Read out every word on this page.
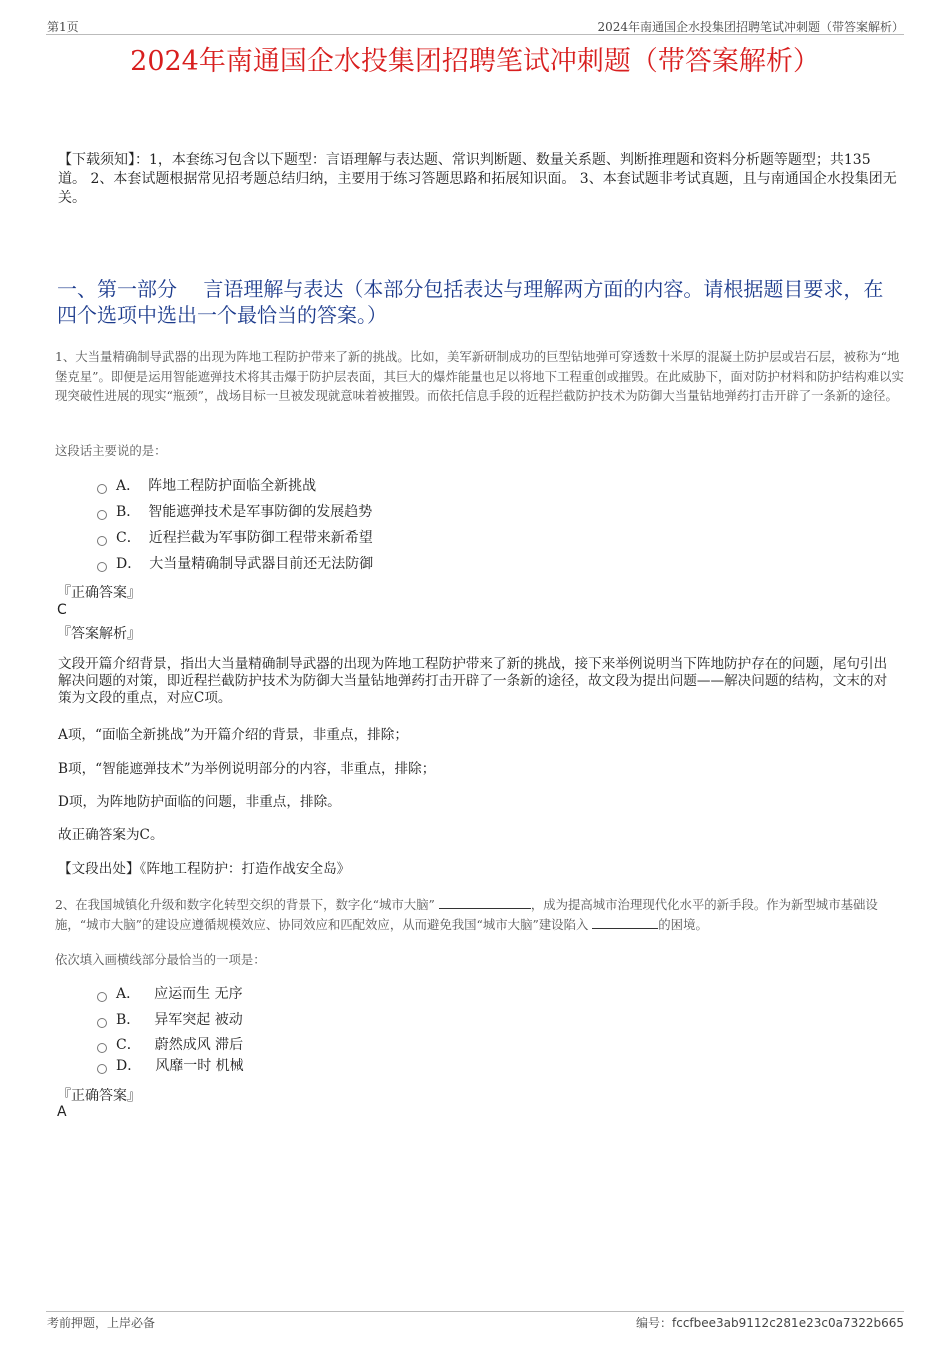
第1页	2024年南通国企水投集团招聘笔试冲刺题（带答案解析）
2024年南通国企水投集团招聘笔试冲刺题（带答案解析）
【下载须知】：1，本套练习包含以下题型：言语理解与表达题、常识判断题、数量关系题、判断推理题和资料分析题等题型；共135道。 2、本套试题根据常见招考题总结归纳，主要用于练习答题思路和拓展知识面。 3、本套试题非考试真题，且与南通国企水投集团无关。
一、第一部分　 言语理解与表达（本部分包括表达与理解两方面的内容。请根据题目要求，在四个选项中选出一个最恰当的答案。）
1、大当量精确制导武器的出现为阵地工程防护带来了新的挑战。比如，美军新研制成功的巨型钻地弹可穿透数十米厚的混凝土防护层或岩石层，被称为“地堡克星”。即便是运用智能遮弹技术将其击爆于防护层表面，其巨大的爆炸能量也足以将地下工程重创或摧毁。在此威胁下，面对防护材料和防护结构难以实现突破性进展的现实“瓶颈”，战场目标一旦被发现就意味着被摧毁。而依托信息手段的近程拦截防护技术为防御大当量钻地弹药打击开辟了一条新的途径。
这段话主要说的是：
A． 阵地工程防护面临全新挑战
B． 智能遮弹技术是军事防御的发展趋势
C． 近程拦截为军事防御工程带来新希望
D． 大当量精确制导武器目前还无法防御
『正确答案』
C
『答案解析』
文段开篇介绍背景，指出大当量精确制导武器的出现为阵地工程防护带来了新的挑战，接下来举例说明当下阵地防护存在的问题，尾句引出解决问题的对策，即近程拦截防护技术为防御大当量钻地弹药打击开辟了一条新的途径，故文段为提出问题——解决问题的结构，文末的对策为文段的重点，对应C项。
A项，“面临全新挑战”为开篇介绍的背景，非重点，排除；
B项，“智能遮弹技术”为举例说明部分的内容，非重点，排除；
D项，为阵地防护面临的问题，非重点，排除。
故正确答案为C。
【文段出处】《阵地工程防护：打造作战安全岛》
2、在我国城镇化升级和数字化转型交织的背景下，数字化“城市大脑”	，成为提高城市治理现代化水平的新手段。作为新型城市基础设施，“城市大脑”的建设应遵循规模效应、协同效应和匹配效应，从而避免我国“城市大脑”建设陷入	的困境。
依次填入画横线部分最恰当的一项是：
A． 应运而生 无序
B． 异军突起 被动
C． 蔚然成风 滞后
D． 风靡一时 机械
『正确答案』
A
考前押题，上岸必备	编号：fccfbee3ab9112c281e23c0a7322b665
